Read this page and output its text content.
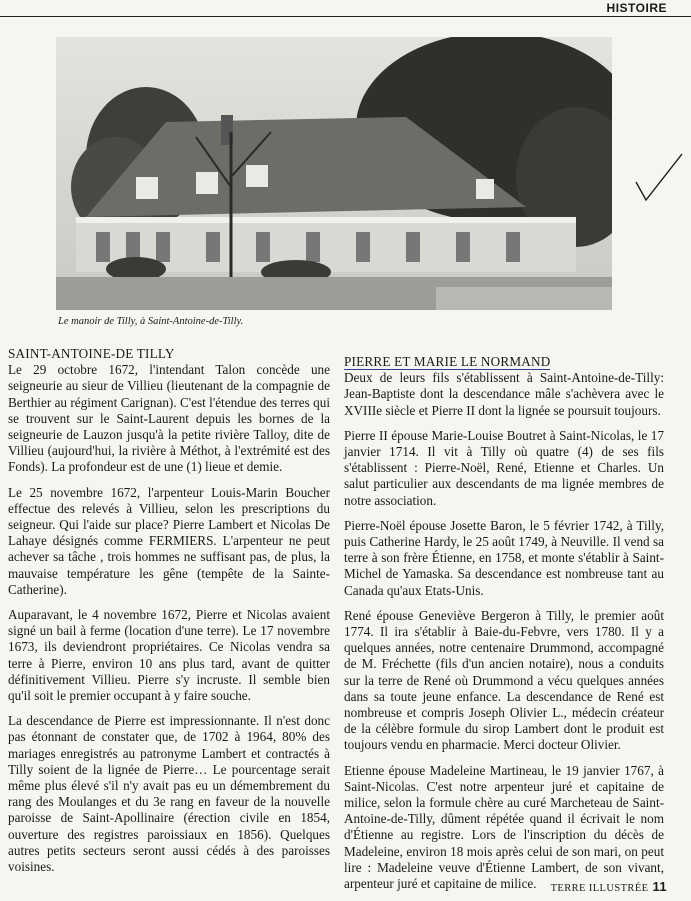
HISTOIRE
Le manoir de Tilly, à Saint-Antoine-de-Tilly.
SAINT-ANTOINE-DE TILLY

Le 29 octobre 1672, l'intendant Talon concède une seigneurie au sieur de Villieu (lieutenant de la compagnie de Berthier au régiment Carignan). C'est l'étendue des terres qui se trouvent sur le Saint-Laurent depuis les bornes de la seigneurie de Lauzon jusqu'à la petite rivière Talloy, dite de Villieu (aujourd'hui, la rivière à Méthot, à l'extrémité est des Fonds). La profondeur est de une (1) lieue et demie.

Le 25 novembre 1672, l'arpenteur Louis-Marin Boucher effectue des relevés à Villieu, selon les prescriptions du seigneur. Qui l'aide sur place? Pierre Lambert et Nicolas De Lahaye désignés comme FERMIERS. L'arpenteur ne peut achever sa tâche , trois hommes ne suffisant pas, de plus, la mauvaise température les gêne (tempête de la Sainte-Catherine).

Auparavant, le 4 novembre 1672, Pierre et Nicolas avaient signé un bail à ferme (location d'une terre). Le 17 novembre 1673, ils deviendront propriétaires. Ce Nicolas vendra sa terre à Pierre, environ 10 ans plus tard, avant de quitter définitivement Villieu. Pierre s'y incruste. Il semble bien qu'il soit le premier occupant à y faire souche.

La descendance de Pierre est impressionnante. Il n'est donc pas étonnant de constater que, de 1702 à 1964, 80% des mariages enregistrés au patronyme Lambert et contractés à Tilly soient de la lignée de Pierre… Le pourcentage serait même plus élevé s'il n'y avait pas eu un démembrement du rang des Moulanges et du 3e rang en faveur de la nouvelle paroisse de Saint-Apollinaire (érection civile en 1854, ouverture des registres paroissiaux en 1856). Quelques autres petits secteurs seront aussi cédés à des paroisses voisines.

PIERRE ET MARIE LE NORMAND

Deux de leurs fils s'établissent à Saint-Antoine-de-Tilly: Jean-Baptiste dont la descendance mâle s'achèvera avec le XVIIIe siècle et Pierre II dont la lignée se poursuit toujours.

Pierre II épouse Marie-Louise Boutret à Saint-Nicolas, le 17 janvier 1714. Il vit à Tilly où quatre (4) de ses fils s'établissent : Pierre-Noël, René, Etienne et Charles. Un salut particulier aux descendants de ma lignée membres de notre association.

Pierre-Noël épouse Josette Baron, le 5 février 1742, à Tilly, puis Catherine Hardy, le 25 août 1749, à Neuville. Il vend sa terre à son frère Étienne, en 1758, et monte s'établir à Saint-Michel de Yamaska. Sa descendance est nombreuse tant au Canada qu'aux Etats-Unis.

René épouse Geneviève Bergeron à Tilly, le premier août 1774. Il ira s'établir à Baie-du-Febvre, vers 1780. Il y a quelques années, notre centenaire Drummond, accompagné de M. Fréchette (fils d'un ancien notaire), nous a conduits sur la terre de René où Drummond a vécu quelques années dans sa toute jeune enfance. La descendance de René est nombreuse et compris Joseph Olivier L., médecin créateur de la célèbre formule du sirop Lambert dont le produit est toujours vendu en pharmacie. Merci docteur Olivier.

Etienne épouse Madeleine Martineau, le 19 janvier 1767, à Saint-Nicolas. C'est notre arpenteur juré et capitaine de milice, selon la formule chère au curé Marcheteau de Saint-Antoine-de-Tilly, dûment répétée quand il écrivait le nom d'Étienne au registre. Lors de l'inscription du décès de Madeleine, environ 18 mois après celui de son mari, on peut lire : Madeleine veuve d'Étienne Lambert, de son vivant, arpenteur juré et capitaine de milice.	TERRE ILLUSTRÉE 11
